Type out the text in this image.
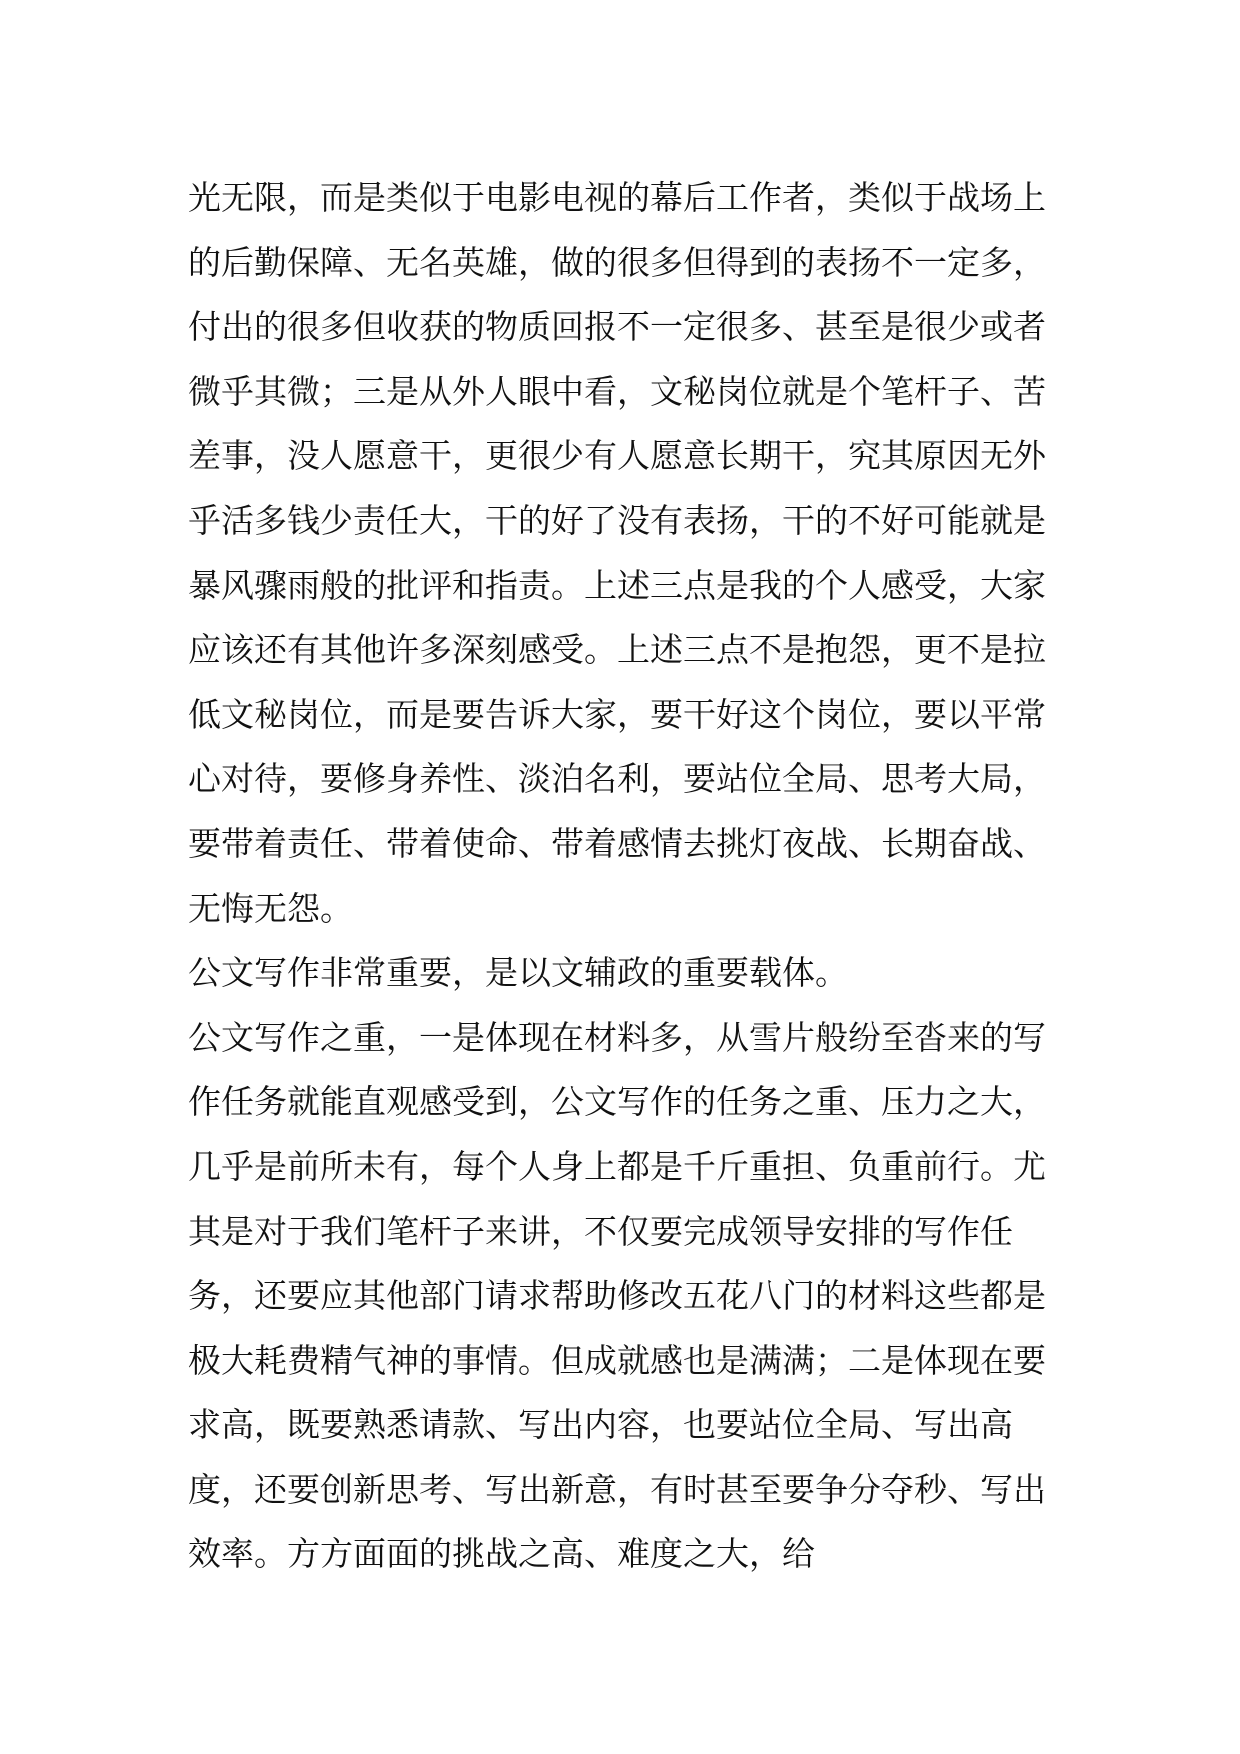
光无限，而是类似于电影电视的幕后工作者，类似于战场上的后勤保障、无名英雄，做的很多但得到的表扬不一定多，付出的很多但收获的物质回报不一定很多、甚至是很少或者微乎其微；三是从外人眼中看，文秘岗位就是个笔杆子、苦差事，没人愿意干，更很少有人愿意长期干，究其原因无外乎活多钱少责任大，干的好了没有表扬，干的不好可能就是暴风骤雨般的批评和指责。上述三点是我的个人感受，大家应该还有其他许多深刻感受。上述三点不是抱怨，更不是拉低文秘岗位，而是要告诉大家，要干好这个岗位，要以平常心对待，要修身养性、淡泊名利，要站位全局、思考大局，要带着责任、带着使命、带着感情去挑灯夜战、长期奋战、无悔无怨。

公文写作非常重要，是以文辅政的重要载体。

公文写作之重，一是体现在材料多，从雪片般纷至沓来的写作任务就能直观感受到，公文写作的任务之重、压力之大，几乎是前所未有，每个人身上都是千斤重担、负重前行。尤其是对于我们笔杆子来讲，不仅要完成领导安排的写作任务，还要应其他部门请求帮助修改五花八门的材料这些都是极大耗费精气神的事情。但成就感也是满满；二是体现在要求高，既要熟悉请款、写出内容，也要站位全局、写出高度，还要创新思考、写出新意，有时甚至要争分夺秒、写出效率。方方面面的挑战之高、难度之大，给
